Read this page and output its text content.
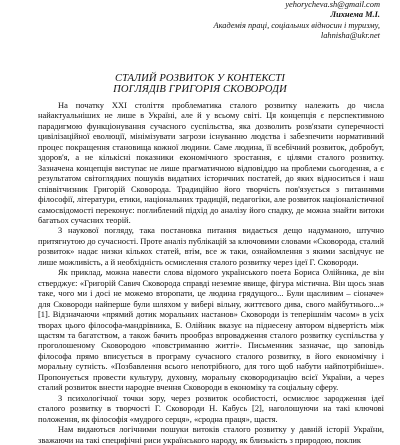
yehorycheva.sh@gmail.com
Лихнема М.І.
Академія праці, соціальних відносин і туризму,
lahnisha@ukr.net
СТАЛИЙ РОЗВИТОК У КОНТЕКСТІ
ПОГЛЯДІВ ГРИГОРІЯ СКОВОРОДИ

На початку XXI століття проблематика сталого розвитку належить до числа найактуальніших не лише в Україні, але й у всьому світі. Ця концепція є перспективною парадигмою функціонування сучасного суспільства, яка дозволить розв'язати суперечності цивілізаційної еволюції, мінімізувати загрози існуванню людства і забезпечити нормативний процес покращення становища кожної людини. Саме людина, її всебічний розвиток, добробут, здоров'я, а не кількісні показники економічного зростання, є цілями сталого розвитку. Зазначена концепція виступає не лише прагматичною відповіддю на проблеми сьогодення, а є результатом світоглядних пошуків видатних історичних постатей, до яких відноситься і наш співвітчизник Григорій Сковорода. Традиційно його творчість пов'язується з питаннями філософії, літератури, етики, національних традицій, педагогіки, але розвиток націоналістичної самосвідомості переконує: поглиблений підхід до аналізу його спадку, де можна знайти витоки багатьох сучасних теорій.

З наукової погляду, така постановка питання видається дещо надуманою, штучно притягнутою до сучасності. Проте аналіз публікацій за ключовими словами «Сковорода, сталий розвиток» надає низки кількох статей, втім, все ж таки, ознайомлення з якими засвідчує не лише можливість, а й необхідність осмислення сталого розвитку через ідеї Г. Сковороди.

Як приклад, можна навести слова відомого українського поета Бориса Олійника, де він стверджує: «Григорій Савич Сковорода справді неземне явище, фігура містична. Він щось знав таке, чого ми і досі не можемо второпати, це людина грядущого... Були щасливим – сіоначе» для Сковороди найперше були шляхом у вибері вільну, життєвого дива, свого майбутнього...» [1]. Відзначаючи «прямий дотик моральних настанов» Сковороди із теперішнім часом» в усіх творах цього філософа-мандрівника, Б. Олійник вказує на піднесену автором відвертість між щастям та багатством, а також бачить прообраз впровадження сталого розвитку суспільства у проголошеному Сковородою «повстриманню житті». Письменник зазначає, що заповідь філософа прямо вписується в програму сучасного сталого розвитку, в його економічну і моральну сутність. «Позбавлення всього непотрібного, для того щоб набути найпотрібніше». Пропонується провести культуру, духовну, моральну сковородизацію всієї України, а через сталий розвиток внести народне вчення Сковороди в економіку та соціальну сферу.

З психологічної точки зору, через розвиток особистості, осмислює зародження ідеї сталого розвитку в творчості Г. Сковороди Н. Кабусь [2], наголошуючи на такі ключові положення, як філософія «мудрого серця», «сродна праця», щастя.

Нам видаються логічними пошуки витоків сталого розвитку у давній історії України, зважаючи на такі специфічні риси українського народу, як близькість з природою, поклик
